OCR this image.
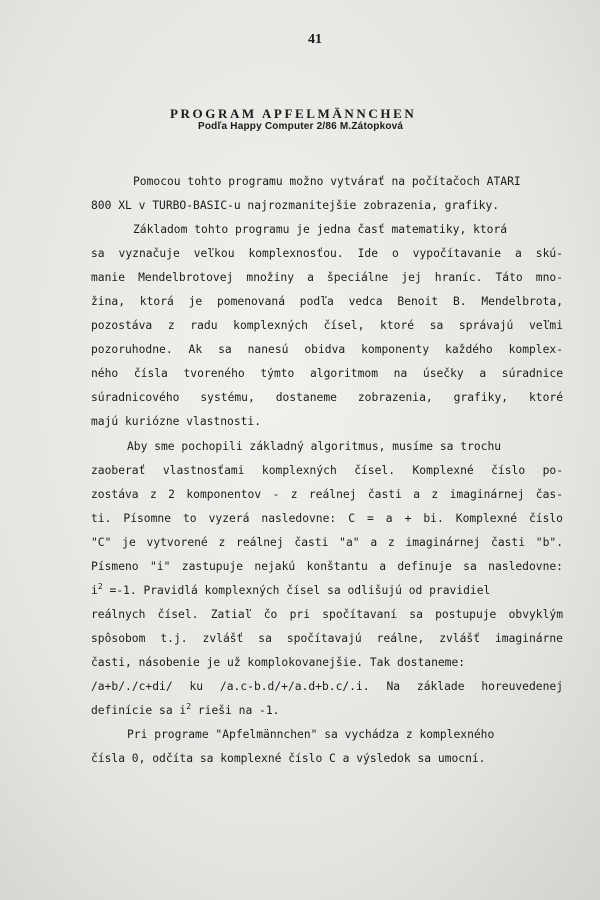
41
PROGRAM APFELMÄNNCHEN
Podľa Happy Computer 2/86 M.Zátopková
Pomocou tohto programu možno vytvárať na počítačoch ATARI
800 XL v TURBO-BASIC-u najrozmanitejšie zobrazenia, grafiky.
Základom tohto programu je jedna časť matematiky, ktorá
sa vyznačuje veľkou komplexnosťou. Ide o vypočítavanie a skú-
manie Mendelbrotovej množiny a špeciálne jej hraníc. Táto mno-
žina, ktorá je pomenovaná podľa vedca Benoit B. Mendelbrota,
pozostáva z radu komplexných čísel, ktoré sa správajú veľmi
pozoruhodne. Ak sa nanesú obidva komponenty každého komplex-
ného čísla tvoreného týmto algoritmom na úsečky a súradnice
súradnicového systému, dostaneme zobrazenia, grafiky, ktoré
majú kuriózne vlastnosti.
Aby sme pochopili základný algoritmus, musíme sa trochu
zaoberať vlastnosťami komplexných čísel. Komplexné číslo po-
zostáva z 2 komponentov - z reálnej časti a z imaginárnej čas-
ti. Písomne to vyzerá nasledovne: C = a + bi. Komplexné číslo
"C" je vytvorené z reálnej časti "a" a z imaginárnej časti "b".
Písmeno "i" zastupuje nejakú konštantu a definuje sa nasledovne:
$i^2 =-1$. Pravidlá komplexných čísel sa odlišujú od pravidiel
reálnych čísel. Zatiaľ čo pri spočítavaní sa postupuje obvyklým
spôsobom t.j. zvlášť sa spočítavajú reálne, zvlášť imaginárne
časti, násobenie je už komplokovanejšie. Tak dostaneme:
/a+b/./c+di/ ku /a.c-b.d/+/a.d+b.c/.i. Na základe horeuvedenej
definície sa $i^2$ rieši na -1.
Pri programe "Apfelmännchen" sa vychádza z komplexného
čísla 0, odčíta sa komplexné číslo C a výsledok sa umocní.
